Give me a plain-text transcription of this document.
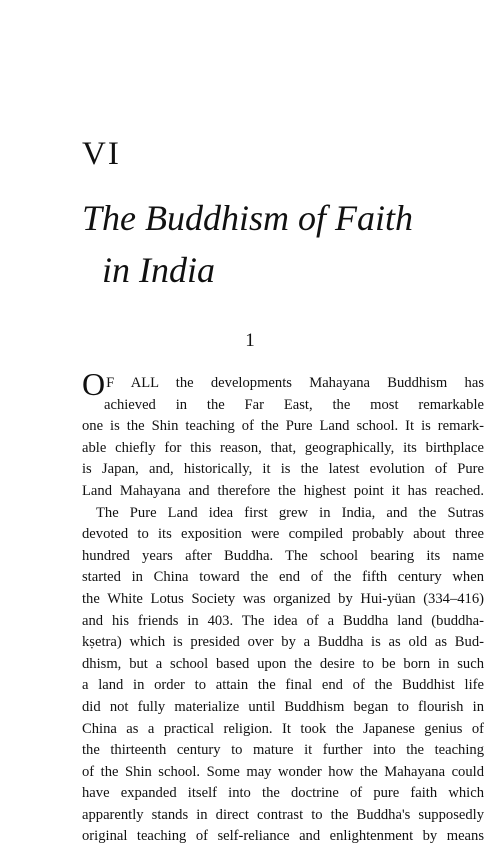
VI
The Buddhism of Faith
in India
1
OF ALL the developments Mahayana Buddhism has
achieved in the Far East, the most remarkable
one is the Shin teaching of the Pure Land school. It is remark-
able chiefly for this reason, that, geographically, its birthplace
is Japan, and, historically, it is the latest evolution of Pure
Land Mahayana and therefore the highest point it has reached.
The Pure Land idea first grew in India, and the Sutras
devoted to its exposition were compiled probably about three
hundred years after Buddha. The school bearing its name
started in China toward the end of the fifth century when
the White Lotus Society was organized by Hui-yüan (334–416)
and his friends in 403. The idea of a Buddha land (buddha-
kṣetra) which is presided over by a Buddha is as old as Bud-
dhism, but a school based upon the desire to be born in such
a land in order to attain the final end of the Buddhist life
did not fully materialize until Buddhism began to flourish in
China as a practical religion. It took the Japanese genius of
the thirteenth century to mature it further into the teaching
of the Shin school. Some may wonder how the Mahayana could
have expanded itself into the doctrine of pure faith which
apparently stands in direct contrast to the Buddha's supposedly
original teaching of self-reliance and enlightenment by means
